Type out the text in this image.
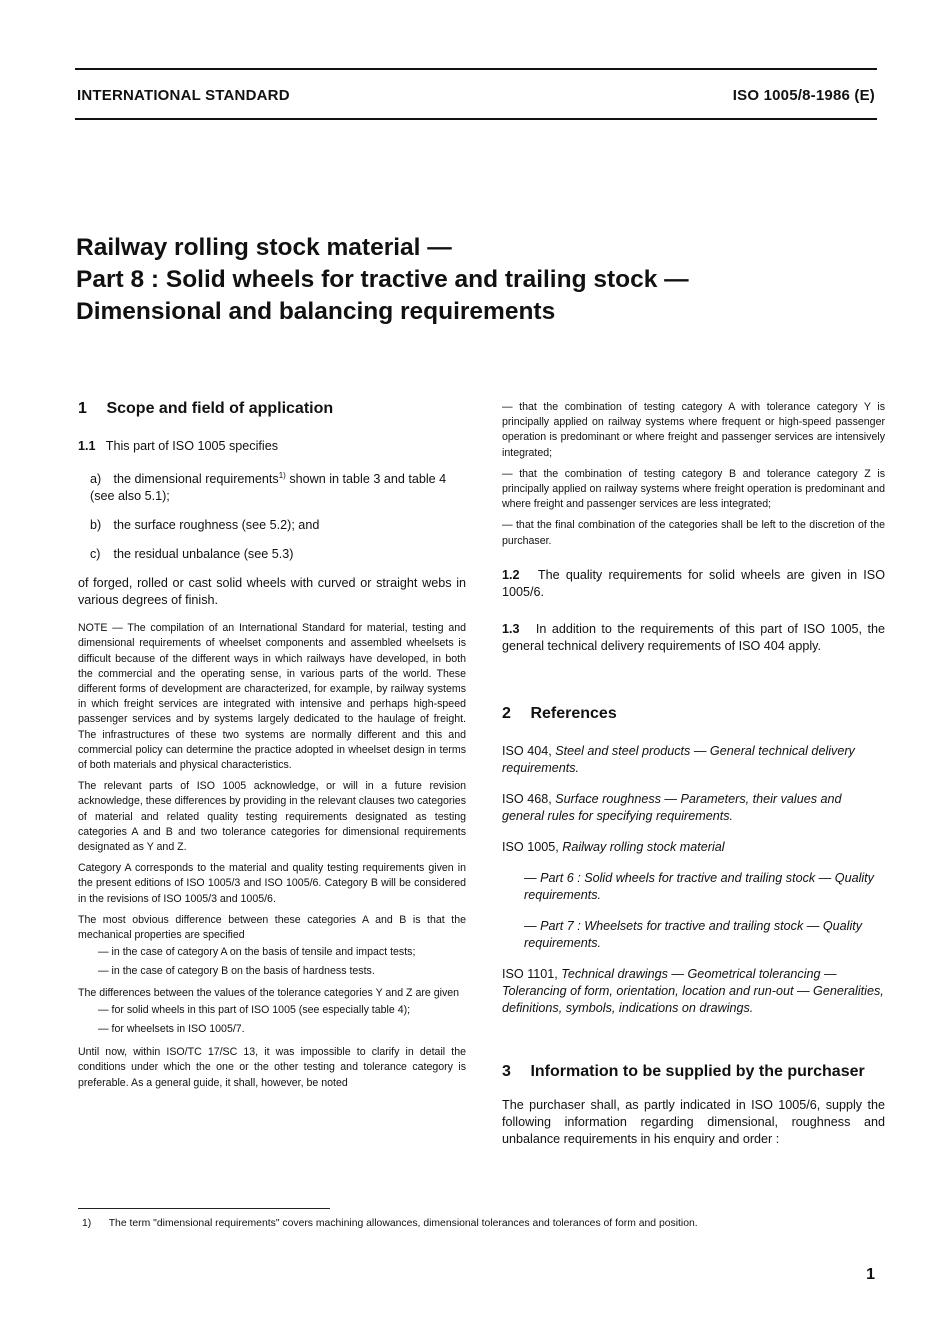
INTERNATIONAL STANDARD	ISO 1005/8-1986 (E)
Railway rolling stock material —
Part 8 : Solid wheels for tractive and trailing stock —
Dimensional and balancing requirements
1 Scope and field of application
1.1 This part of ISO 1005 specifies
a) the dimensional requirements$^{1)}$ shown in table 3 and table 4 (see also 5.1);
b) the surface roughness (see 5.2); and
c) the residual unbalance (see 5.3)
of forged, rolled or cast solid wheels with curved or straight webs in various degrees of finish.
NOTE — The compilation of an International Standard for material, testing and dimensional requirements of wheelset components and assembled wheelsets is difficult because of the different ways in which railways have developed, in both the commercial and the operating sense, in various parts of the world. These different forms of development are characterized, for example, by railway systems in which freight services are integrated with intensive and perhaps high-speed passenger services and by systems largely dedicated to the haulage of freight. The infrastructures of these two systems are normally different and this and commercial policy can determine the practice adopted in wheelset design in terms of both materials and physical characteristics.
The relevant parts of ISO 1005 acknowledge, or will in a future revision acknowledge, these differences by providing in the relevant clauses two categories of material and related quality testing requirements designated as testing categories A and B and two tolerance categories for dimensional requirements designated as Y and Z.
Category A corresponds to the material and quality testing requirements given in the present editions of ISO 1005/3 and ISO 1005/6. Category B will be considered in the revisions of ISO 1005/3 and 1005/6.
The most obvious difference between these categories A and B is that the mechanical properties are specified
— in the case of category A on the basis of tensile and impact tests;
— in the case of category B on the basis of hardness tests.
The differences between the values of the tolerance categories Y and Z are given
— for solid wheels in this part of ISO 1005 (see especially table 4);
— for wheelsets in ISO 1005/7.
Until now, within ISO/TC 17/SC 13, it was impossible to clarify in detail the conditions under which the one or the other testing and tolerance category is preferable. As a general guide, it shall, however, be noted
— that the combination of testing category A with tolerance category Y is principally applied on railway systems where frequent or high-speed passenger operation is predominant or where freight and passenger services are intensively integrated;
— that the combination of testing category B and tolerance category Z is principally applied on railway systems where freight operation is predominant and where freight and passenger services are less integrated;
— that the final combination of the categories shall be left to the discretion of the purchaser.
1.2 The quality requirements for solid wheels are given in ISO 1005/6.
1.3 In addition to the requirements of this part of ISO 1005, the general technical delivery requirements of ISO 404 apply.
2 References
ISO 404, Steel and steel products — General technical delivery requirements.
ISO 468, Surface roughness — Parameters, their values and general rules for specifying requirements.
ISO 1005, Railway rolling stock material
— Part 6 : Solid wheels for tractive and trailing stock — Quality requirements.
— Part 7 : Wheelsets for tractive and trailing stock — Quality requirements.
ISO 1101, Technical drawings — Geometrical tolerancing — Tolerancing of form, orientation, location and run-out — Generalities, definitions, symbols, indications on drawings.
3 Information to be supplied by the purchaser
The purchaser shall, as partly indicated in ISO 1005/6, supply the following information regarding dimensional, roughness and unbalance requirements in his enquiry and order :
1) The term "dimensional requirements" covers machining allowances, dimensional tolerances and tolerances of form and position.
1
